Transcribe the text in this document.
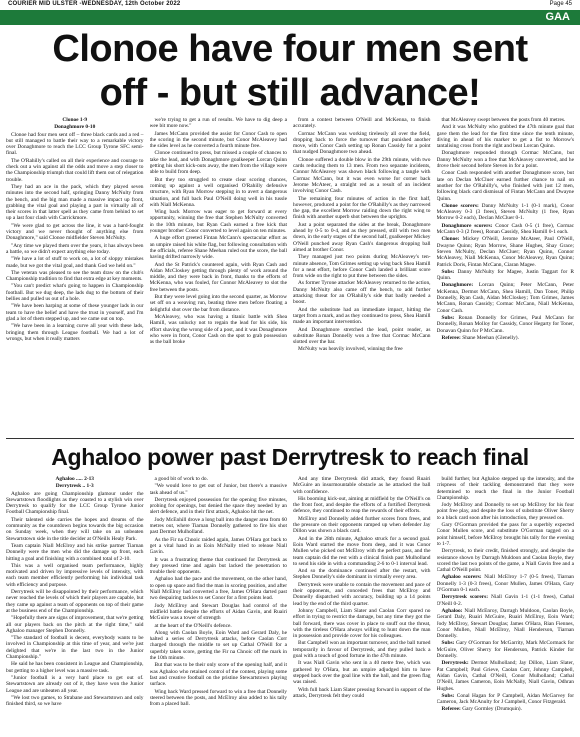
COURIER MID ULSTER -WEDNESDAY, 12th October 2022	Page 45
GAA
Clonoe have four men sent
off - but still advance!

Clonoe 1-9

Donaghmore 0-10

Clonoe had four men sent off – three black cards and a red – but still managed to battle their way to a remarkable victory over Donaghmore to reach the LCC Group Tyrone SFC semi-final.

The O'Rahilly's called on all their experience and courage to check out a win against all the odds and move a step closer to the Championship triumph that could lift them out of relegation trouble.

They had an ace in the pack, which they played seven minutes into the second half, springing Danny McNulty from the bench, and the big man made a massive impact up front, grabbing the vital goal and playing a part in virtually all of their scores in that latter spell as they came from behind to set up a last four clash with Carrickmore.

"We were glad to get across the line, it was a hard-fought victory and we never thought of anything else from Donaghmore," said Clonoe midfielder Steven McNulty.

"Any time we played them over the years, it has always been a battle, so we didn't expect anything else today.

"We have a lot of stuff to work on, a lot of sloppy mistakes made, but we got the vital goal, and thank God we held on."

The veteran was pleased to see the team draw on the club's Championship tradition to find that extra edge at key moments.

"You can't predict what's going to happen in Championship football. But we dug deep, the lads dug to the bottom of their bellies and pulled us out of a hole.

"We have been harping at some of these younger lads in our team to have the belief and have the trust in yourself, and I'm glad a lot of them stepped up, and we came out on top.

"We have been in a learning curve all year with these lads, bringing them through League football. We had a lot of wrongs, but when it really matters

we're trying to get a run of results. We have to dig deep a wee bit more now."

James McCann provided the assist for Conor Cash to open the scoring in the second minute, but Conor McAleavey had the sides level as he converted a fourth minute free.

Clonoe continued to press, but missed a couple of chances to take the lead, and with Donaghmore goalkeeper Lorcan Quinn getting his short kick-outs away, the men from the village were able to build from deep.

But they too struggled to create clear scoring chances, coming up against a well organised O'Rahilly defensive structure, with Ryan Morrow stepping in to avert a dangerous situation, and full back Paul O'Neill doing well in his tussle with Niall McKenna.

Wing back Morrow was eager to get forward at every opportunity, winning the free that Stephen McNulty converted in the 10th minute, but Ryan Cash earned a free kick that younger brother Conor converted to level again on ten minutes.

A huge effort greeted Fintan McCann's spectacular effort as an umpire raised his white flag, but following consultation with the officials, referee Shane Meehan ruled out the score, the ball having drifted narrowly wide.

And the St Patrick's countered again, with Ryan Cash and Aidan McCloskey getting through plenty of work around the middle, and they were back in front, thanks to the efforts of McKenna, who was fouled, for Connor McAleavey to slot the free between the posts.

But they were level going into the second quarter, as Morrow set off on a weaving run, beating three men before floating a delightful shot over the bar from distance.

McAleavey, who was having a titanic battle with Shea Hamill, was unlucky not to regain the lead for his side, his effort shaving the wrong side of a post, and it was Donaghmore who were in front, Conor Cash on the spot to grab possession as the ball broke

from a contest between O'Neill and McKenna, to finish accurately.

Cormac McCann was working tirelessly all over the field, dropping back to force the turnover that punished another move, with Conor Cash setting up Ronan Cassidy for a point that nudged Donaghmore two ahead.

Clonoe suffered a double blow in the 29th minute, with two cards reducing them to 13 men. From two separate incidents, Connor McAleavey was shown black following a tangle with Cormac McCann, but it was even worse for corner back Jerome McAteer, a straight red as a result of an incident involving Conor Cash.

The remaining four minutes of action in the first half, however, produced a point for the O'Rahilly's as they narrowed the gap, the excellent Morrow raiding down the right wing to finish with another superb shot between the uprights.

Just a point separated the sides at the break, Donaghmore ahead by 0-5 to 0-4, and as they pressed, still with two men down, in the early stages of the second half, goalkeeper Mickey O'Neill punched away Ryan Cash's dangerous dropping ball aimed at brother Conor.

They managed just two points during McAleavey's ten-minute absence, Tom Grimes setting up wing back Shea Hamill for a neat effort, before Conor Cash landed a brilliant score from wide on the right to put three between the sides.

As former Tyrone attacker McAleavey returned to the action, Danny McNulty also came off the bench, to add further attacking threat for an O'Rahilly's side that badly needed a boost.

And the substitute had an immediate impact, hitting the target from a mark, and as they continued to press, Shea Hamill made an important intervention.

And Donaghmore stretched the lead, point reader, as substitute Ronan Donnelly won a free that Cormac McCann slotted over the bar.

McNulty was heavily involved, winning the free

that McAleavey swept between the posts from 40 metres.

And it was McNulty who grabbed the 47th minute goal that gave them the lead for the first time since the tenth minute, diving in ahead of his marker to get a fist to Morrow's tantalising cross from the right and beat Lorcan Quinn.

Donaghmore responded through Cormac McCann, but Danny McNulty won a free that McAleavey converted, and he drove their second before Steven in for a point.

Conor Cash responded with another Donaghmore score, but late on Declan McCluer earned further chance to nail on another for the O'Rahilly's, who finished with just 12 men, following black card dismissal of Fintan McCann and Dwayne Quinn.

Clonoe scorers: Danny McNulty 1-1 (0-1 mark), Conor McAleavey 0-3 (3 frees), Steven McNulty (1 free, Ryan Morrow 0-2 each), Declan McCluer 0-1.

Donaghmore scorers: Conor Cash 0-5 (1 free), Cormac McCann 0-3 (2 frees), Ronan Cassidy, Shea Hamill 0-1 each.

Clonoe: Mickey O'Neill, Jerome McAteer, Paul O'Neill, Dwayne Quinn; Ryan Morrow, Shane Hughes, Shay Grace; Steven McNulty, Declan McCluer; Ryan Quinn, Connor McAleavey, Niall McKenna, Conor McAleavey, Ryan Quinn; Patrick Doris, Fintan McCann, Ciaran Magee.

Subs: Danny McNulty for Magee, Justin Taggart for R Quinn.

Donaghmore: Lorcan Quinn; Peter McCann, Peter McKenna, Dermot McCann, Shea Hamill, Dan Toner, Philip Donnelly, Ryan Cash, Aidan McCloskey; Tom Grimes, James McCann, Ronan Cassidy; Cormac McCann, Niall McKenna, Conor Cash.

Subs: Ronan Donnelly for Grimes, Paul McCann for Donnelly, Ronan Molloy for Cassidy, Conor Hegarty for Toner, Donavan Quinn for P McCann.

Referee: Shane Meehan (Glenelly).

Aghaloo power past Derrytresk to reach final

Aghaloo ..... 2-13

Derrytresk .. 1-3

Aghaloo are going Championship glamour under the Stewartstown floodlights as they coasted to a stylish win over Derrytresk to qualify for the LCC Group Tyrone Junior Football Championship final.

Their talented side carries the hopes and dreams of the community as the countdown begins towards the big occasion on Sunday week, when they will take on an unbeaten Stewartstown side in the title decider at O'Neills Healy Park.

Team captain Niall McElroy and his strike partner Tiarnan Donnelly were the men who did the damage up front, each hitting a goal and finishing with a combined total of 2-10.

This was a well organised team performance, highly motivated and driven by impressive levels of intensity, with each team member efficiently performing his individual task with efficiency and purpose.

Derrytresk will be disappointed by their performance, which never reached the levels of which their players are capable, but they came up against a team of opponents on top of their game at the business end of the Championship.

"Hopefully there are signs of improvement, that we're getting all our players back on the pitch at the right time," said Aghaloo manager Stephen Donnelly.

"The standard of football is decent, everybody wants to be involved in Championship at this time of year, and we're just delighted that we're in the last two in the Junior Championship."

He said he has been consistent in League and Championship, but getting to a higher level was a massive task.

"Junior football is a very hard place to get out of. Stewartstown are already out of it, they have won the Junior League and are unbeaten all year.

"We lost two games, to Strabane and Stewartstown and only finished third, so we have

a good bit of work to do.

"We would love to get out of Junior, but there's a massive task ahead of us."

Derrytresk enjoyed possession for the opening five minutes, probing for openings, but denied the space they needed by an alert defence, and in their first attack, Aghaloo hit the net.

Jody McEnhill drove a long ball into the danger area from 60 metres out, where Tiarnan Donnelly gathered to fire his shot past Dermot Mulholland.

As the Fir na Chnoic raided again, James O'Hara got back to get a vital hand in as Eoin McNally tried to release Niall Gavin.

It was a frustrating theme that continued for Derrytresk as they pressed time and again but lacked the penetration to trouble their opponents.

Aghaloo had the pace and the movement, on the other hand, to open up space and find the man in scoring position, and after Niall McElroy had converted a free, James O'Hara darted past two despairing tackles to set Conor for a first points lead.

Jody McElroy and Stewart Douglas had control of the midfield battle despite the efforts of Aidan Gavin, and Ruairi McGuire was a tower of strength

at the heart of the O'Neill's defence.

Along with Caolan Boyle, Eoin Ward and Gerard Daly, he halted a series of Derrytresk attacks, before Caolan Corr charged through the middle to set up Cathal O'Neill for a superbly taken score, getting the Fir na Chnoic off the mark in the 10th minute.

But that was to be their only score of the opening half, and it was Aghaloo who retained control of the contest, playing some fast and creative football on the pristine Stewartstown playing surface.

Wing back Ward pressed forward to win a free that Donnelly steered between the posts, and McElroy also added to his tally from a placed ball.

And any time Derrytresk did attack, they found Ruairi McGuire an insurmountable obstacle as he attacked the ball with confidence.

His booming kick-out, aiming at midfield by the O'Neill's on the front foot, and despite the efforts of a fortified Derrytresk defence, they continued to reap the rewards of their efforts.

McElroy and Donnelly added further scores from frees, and the pressure on their opponents ramped up when defender Jay Dillon was shown a black card.

And in the 28th minute, Aghaloo struck for a second goal. Eoin Ward started the move from deep, and it was Conor Mullen who picked out McElroy with the perfect pass, and the team captain did the rest with a clinical finish past Mulholland to send his side in with a commanding 2-6 to 0-1 interval lead.

And so the dominance continued after the restart, with Stephen Donnelly's side dominant in virtually every area.

Derrytresk were unable to contain the movement and pace of their opponents, and conceded frees that McElroy and Donnelly dispatched with accuracy, building up a 14 points lead by the end of the third quarter.

Johnny Campbell, Liam Slater and Caolan Corr spared no effort in trying to restrict the damage, but any time they got the ball forward, there was cover in place to snuff out the threat, with the tireless O'Hara always willing to hunt down the man in possession and provide cover for his colleagues.

But Campbell won an important turnover, and the ball turned temporarily in favour of Derrytresk, and they pulled back a goal with a touch of good fortune in the 47th minute.

It was Niall Gavin who sent in a 40 metre free, which was gathered by O'Hara, but an umpire adjudged him to have stepped back over the goal line with the ball, and the green flag was raised.

With full back Liam Slater pressing forward in support of the attack, Derrytresk felt they could

build further, but Aghaloo stepped up the intensity, and the crispness of their tackling demonstrated that they were determined to reach the final in the Junior Football Championship.

Jody McElroy and Donnelly to set up McElroy for his four point free play, and despite the loss of substitute Oliver Sherry to a black card soon after his introduction, they pressed on.

Gary O'Gorman provided the pass for a superbly expected Conor Mullen score, and substitute O'Gorman tagged on a point himself, before McElroy brought his tally for the evening to 1-7.

Derrytresk, to their credit, finished strongly, and despite the resistance shown by Darragh Muldoon and Caolan Boyle, they scored the last two points of the game, a Niall Gavin free and a Cathal O'Neill point.

Aghaloo scorers: Niall McElroy 1-7 (0-5 frees), Tiarnan Donnelly 1-3 (0-3 frees), Conor Mullen, James O'Hara, Gary O'Gorman 0-1 each.

Derrytresk scorers: Niall Gavin 1-1 (1-1 frees), Cathal O'Neill 0-2.

Aghaloo: Niall McEnroy, Darragh Muldoon, Caolan Boyle, Gerard Daly, Ruairi McGuire, Ruairi McElroy, Eoin Ward; Jody McElroy, Stewart Douglas; James O'Hara, Rian Fiennes, Conor Mullen, Niall McElroy, Niall Henderson, Tiarnan Donnelly.

Subs: Gary O'Gorman for McGarrity, Mark McCormack for McGuire, Oliver Sherry for Henderson, Patrick Kinder for Donnelly.

Derrytresk: Dermot Mulholland; Jay Dillon, Liam Slater, Pat Campbell; Paul Grieve, Caolan Corr, Johnny Campbell, Aidan Gavin, Cathal O'Neill, Conor Mulholland; Cathal O'Neill, James Cameron, Eoin McNally, Niall Gavin, Odhran Hughes.

Subs: Conal Hagan for P Campbell, Aidan McGarvey for Cameron, Jack McAnulty for J Campbell, Conor Fitzgerald.

Referee: Gary Gormley (Drumquin).
